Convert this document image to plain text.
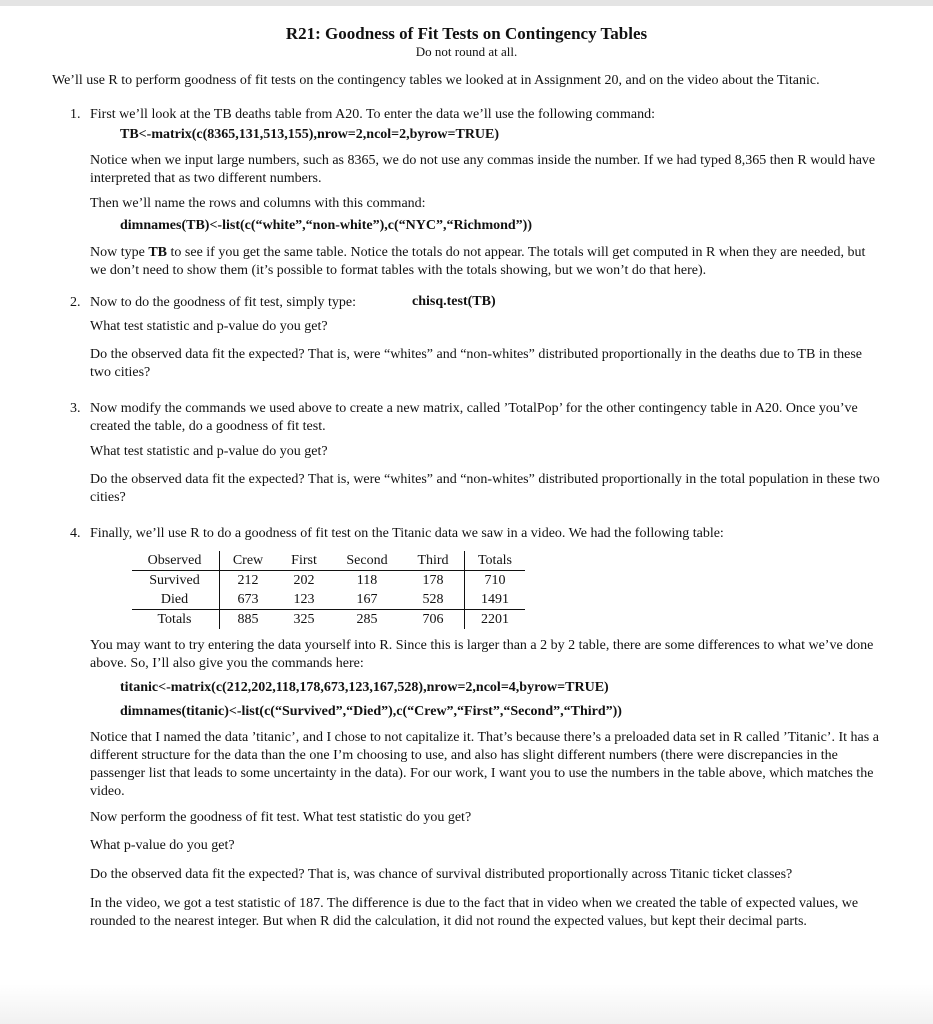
R21: Goodness of Fit Tests on Contingency Tables
Do not round at all.
We’ll use R to perform goodness of fit tests on the contingency tables we looked at in Assignment 20, and on the video about the Titanic.
1. First we’ll look at the TB deaths table from A20. To enter the data we’ll use the following command:
TB<-matrix(c(8365,131,513,155),nrow=2,ncol=2,byrow=TRUE)
Notice when we input large numbers, such as 8365, we do not use any commas inside the number. If we had typed 8,365 then R would have interpreted that as two different numbers.
Then we’ll name the rows and columns with this command:
dimnames(TB)<-list(c(“white”,“non-white”),c(“NYC”,“Richmond”))
Now type TB to see if you get the same table. Notice the totals do not appear. The totals will get computed in R when they are needed, but we don’t need to show them (it’s possible to format tables with the totals showing, but we won’t do that here).
2. Now to do the goodness of fit test, simply type:	chisq.test(TB)
What test statistic and p-value do you get?
Do the observed data fit the expected? That is, were “whites” and “non-whites” distributed proportionally in the deaths due to TB in these two cities?
3. Now modify the commands we used above to create a new matrix, called ’TotalPop’ for the other contingency table in A20. Once you’ve created the table, do a goodness of fit test.
What test statistic and p-value do you get?
Do the observed data fit the expected? That is, were “whites” and “non-whites” distributed proportionally in the total population in these two cities?
4. Finally, we’ll use R to do a goodness of fit test on the Titanic data we saw in a video. We had the following table:
Observed	Crew	First	Second	Third	Totals
Survived	212	202	118	178	710
Died	673	123	167	528	1491
Totals	885	325	285	706	2201
You may want to try entering the data yourself into R. Since this is larger than a 2 by 2 table, there are some differences to what we’ve done above. So, I’ll also give you the commands here:
titanic<-matrix(c(212,202,118,178,673,123,167,528),nrow=2,ncol=4,byrow=TRUE)
dimnames(titanic)<-list(c(“Survived”,“Died”),c(“Crew”,“First”,“Second”,“Third”))
Notice that I named the data ’titanic’, and I chose to not capitalize it. That’s because there’s a preloaded data set in R called ’Titanic’. It has a different structure for the data than the one I’m choosing to use, and also has slight different numbers (there were discrepancies in the passenger list that leads to some uncertainty in the data). For our work, I want you to use the numbers in the table above, which matches the video.
Now perform the goodness of fit test. What test statistic do you get?
What p-value do you get?
Do the observed data fit the expected? That is, was chance of survival distributed proportionally across Titanic ticket classes?
In the video, we got a test statistic of 187. The difference is due to the fact that in video when we created the table of expected values, we rounded to the nearest integer. But when R did the calculation, it did not round the expected values, but kept their decimal parts.
